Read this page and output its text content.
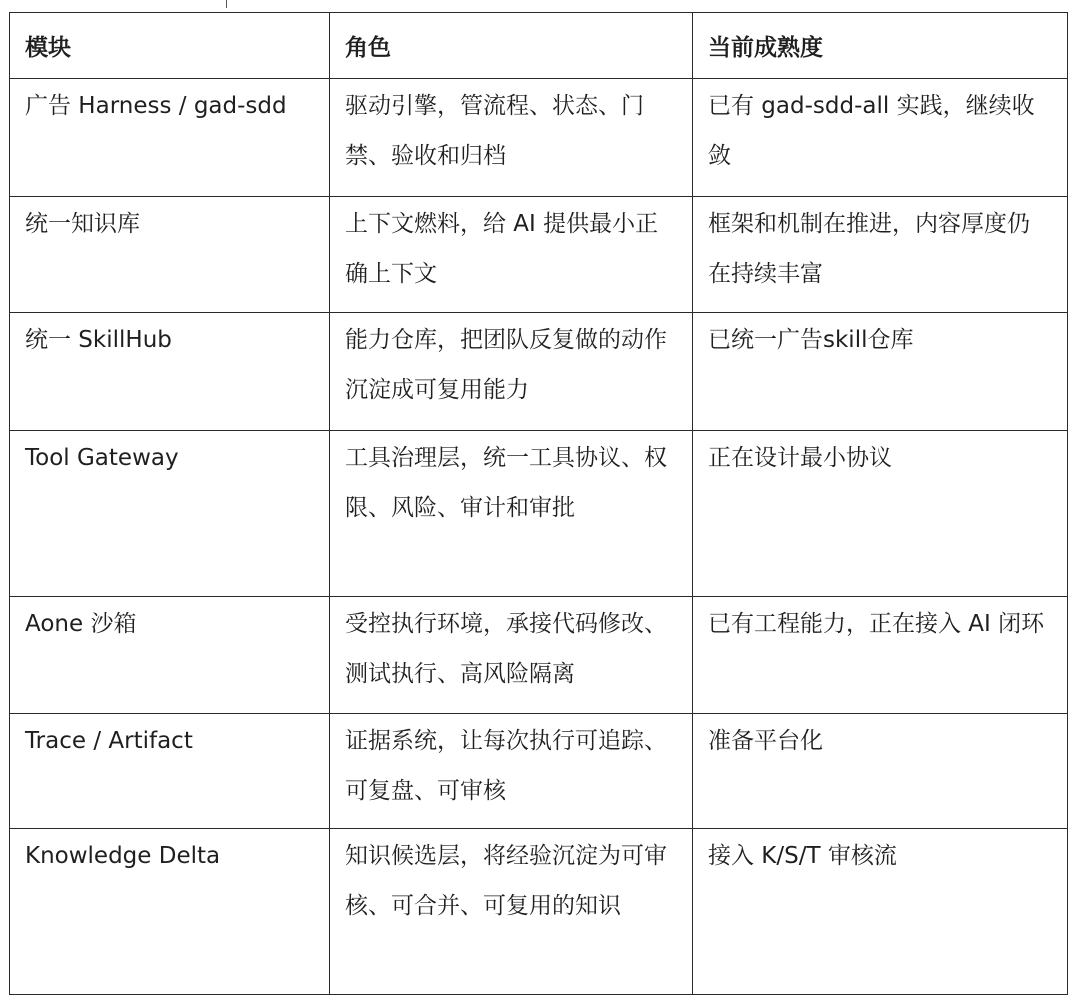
模块	角色	当前成熟度

广告 Harness / gad-sdd	驱动引擎，管流程、状态、门禁、验收和归档	已有 gad-sdd-all 实践，继续收敛

统一知识库	上下文燃料，给 AI 提供最小正确上下文	框架和机制在推进，内容厚度仍在持续丰富

统一 SkillHub	能力仓库，把团队反复做的动作沉淀成可复用能力	已统一广告skill仓库

Tool Gateway	工具治理层，统一工具协议、权限、风险、审计和审批	正在设计最小协议

Aone 沙箱	受控执行环境，承接代码修改、测试执行、高风险隔离	已有工程能力，正在接入 AI 闭环

Trace / Artifact	证据系统，让每次执行可追踪、可复盘、可审核	准备平台化

Knowledge Delta	知识候选层，将经验沉淀为可审核、可合并、可复用的知识	接入 K/S/T 审核流
